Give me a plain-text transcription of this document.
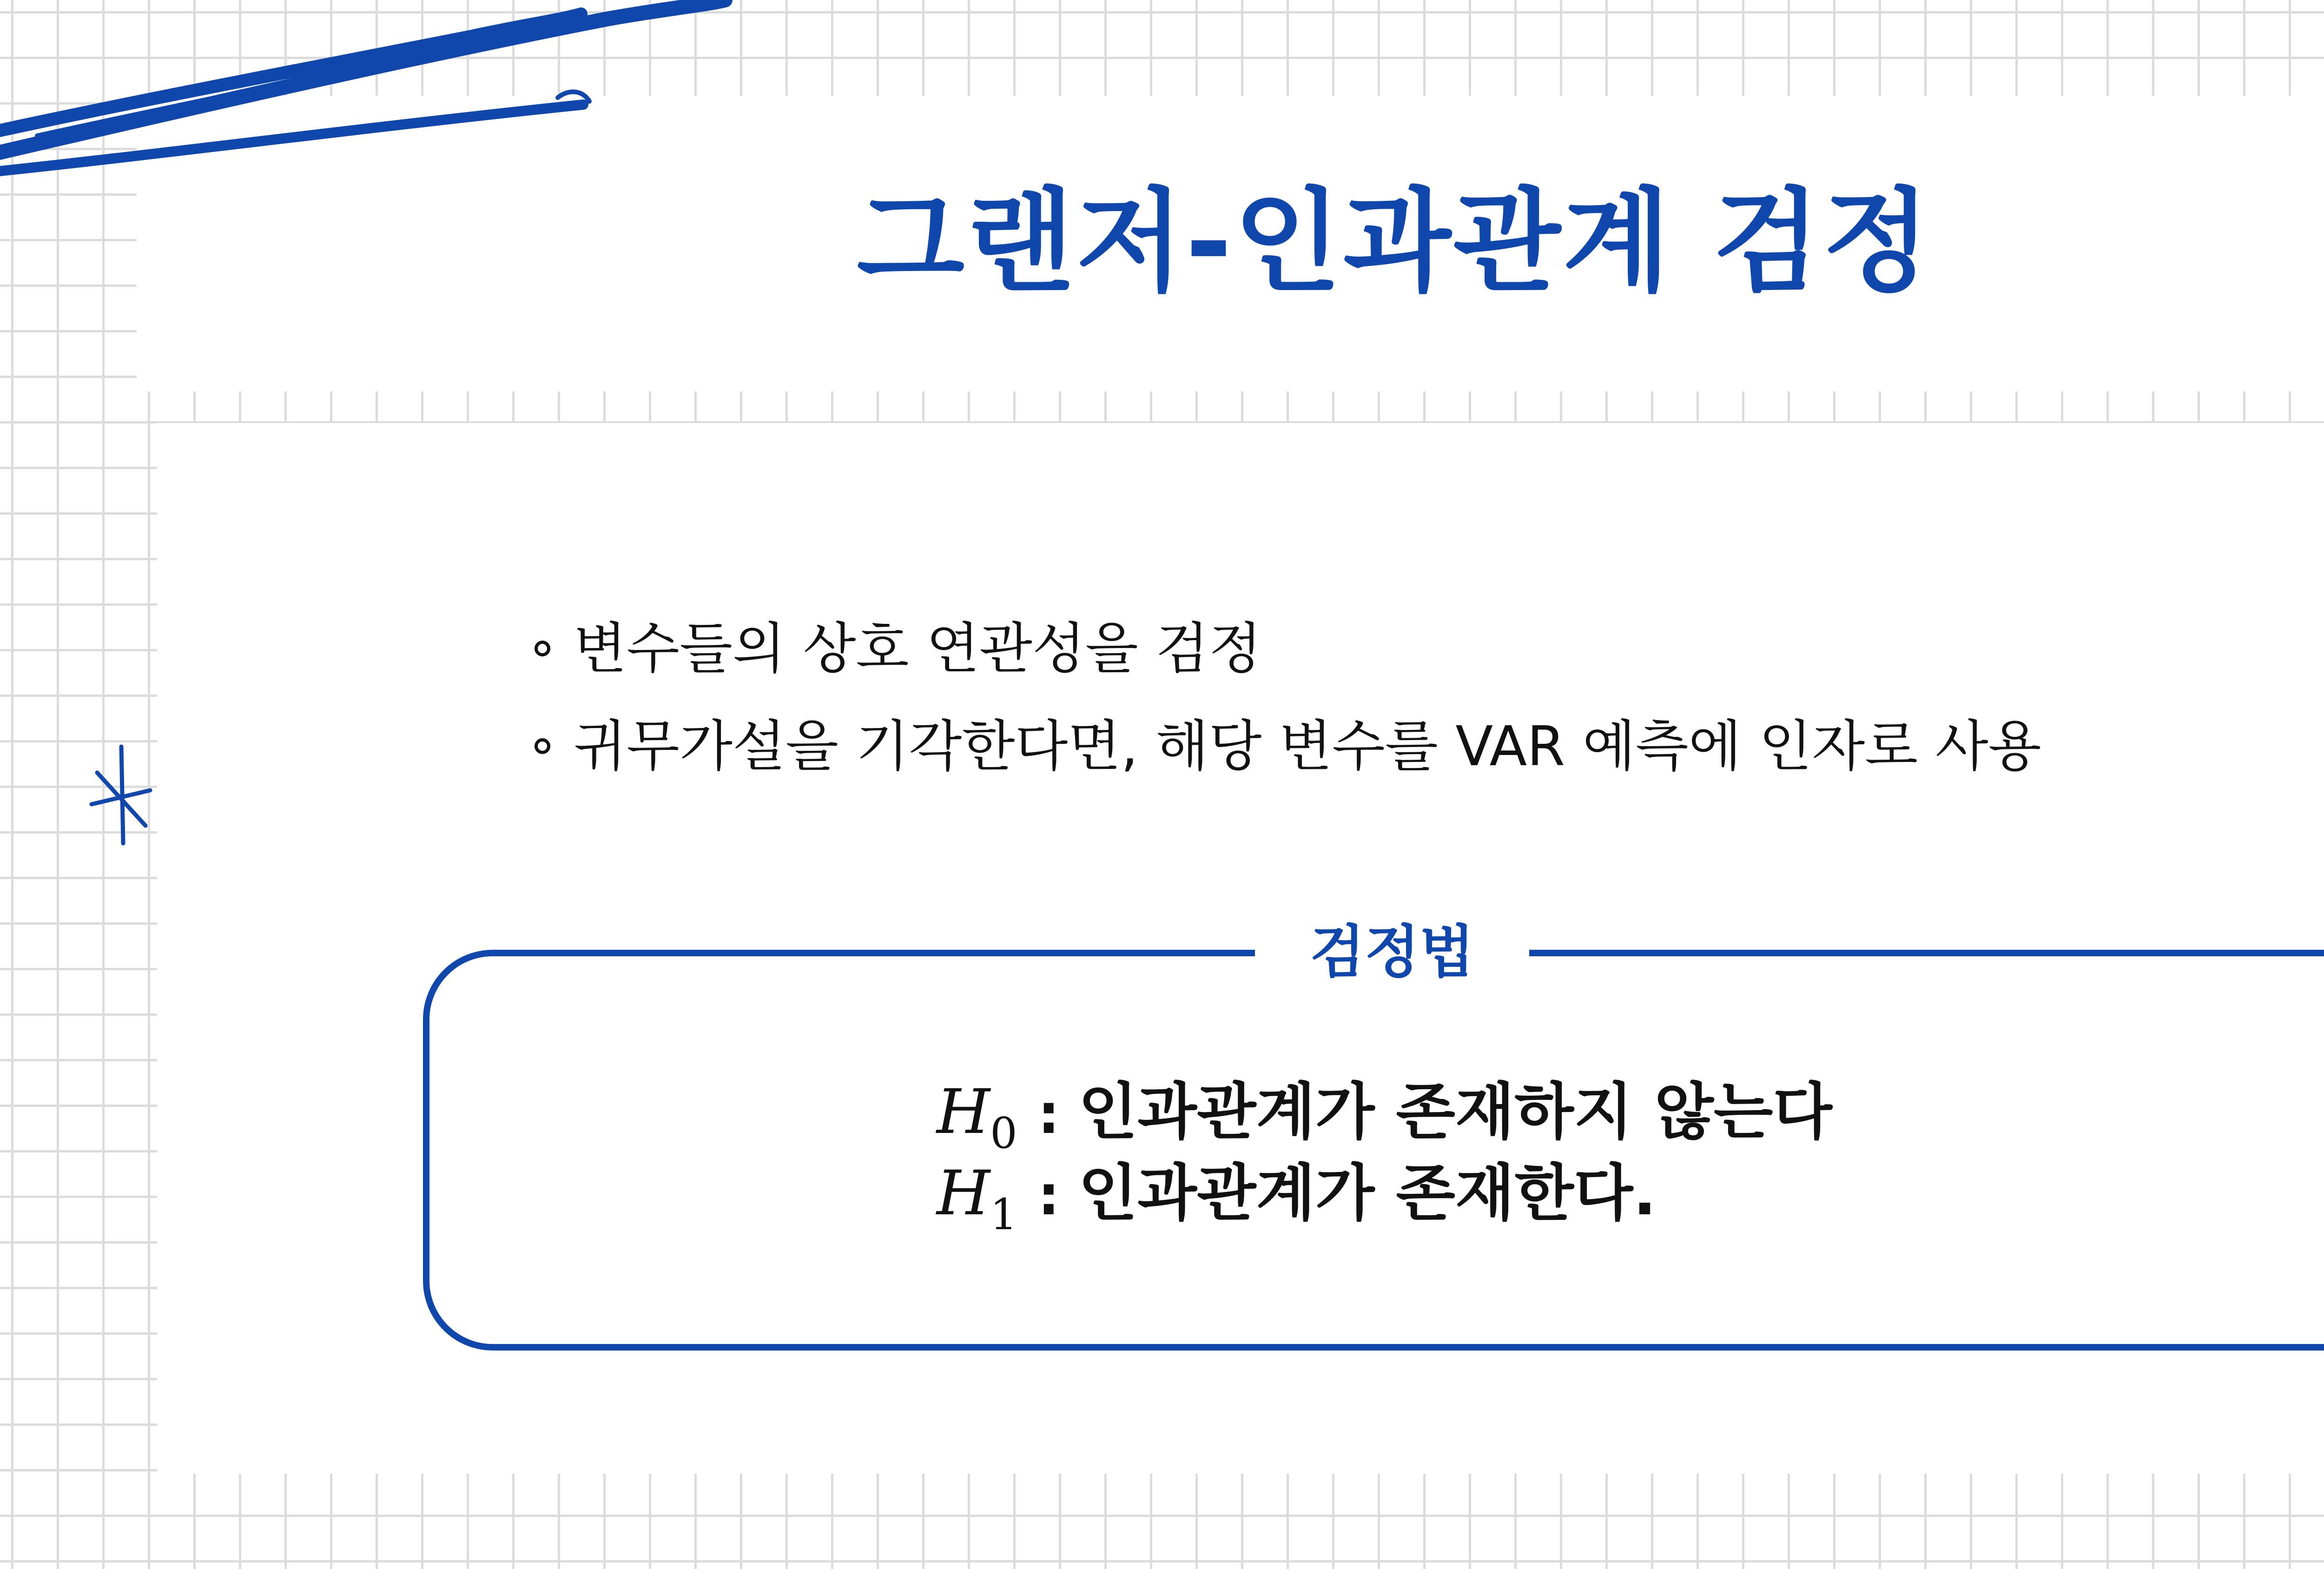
그랜저-인과관계 검정
변수들의 상호 연관성을 검정
귀무가설을 기각한다면, 해당 변수를 VAR 예측에 인자로 사용
검정법
$H_0$ : 인과관계가 존재하지 않는다
$H_1$ : 인과관계가 존재한다.
